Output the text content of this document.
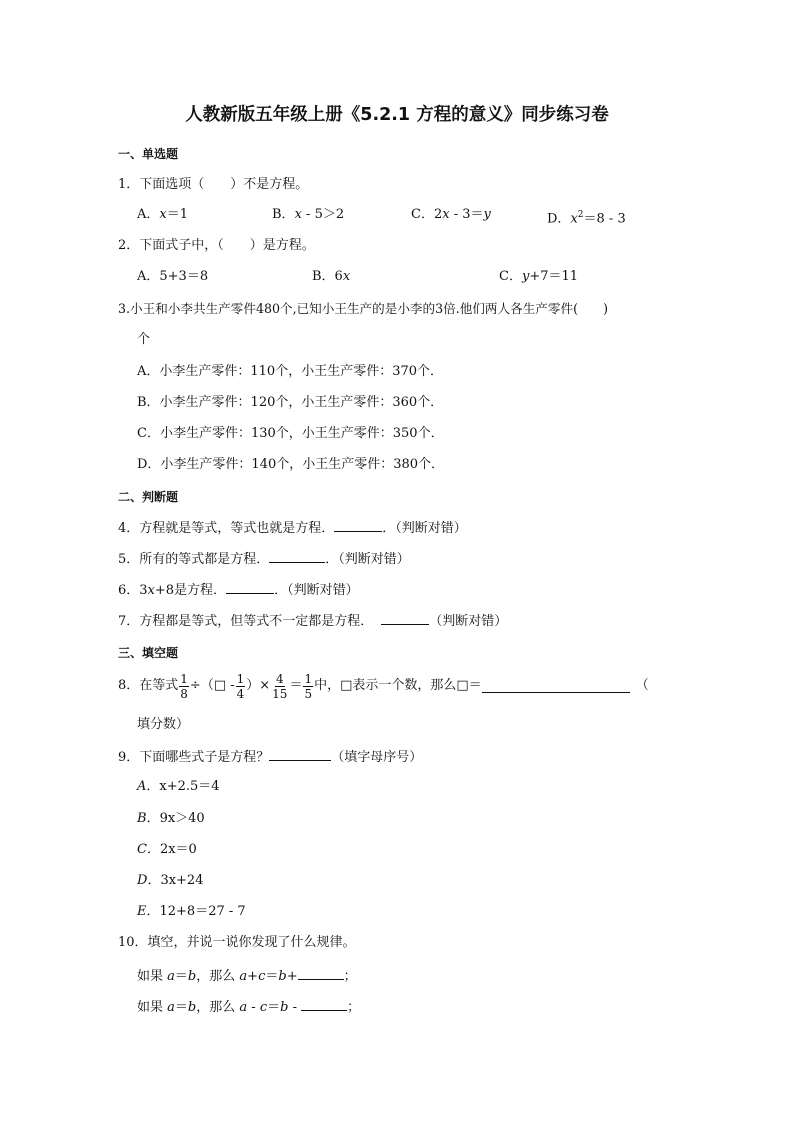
人教新版五年级上册《5.2.1 方程的意义》同步练习卷
一、单选题
1．下面选项（　　）不是方程。
A．x＝1	B．x - 5＞2	C．2x - 3＝y	D．$x^2=8 - 3$
2．下面式子中，（　　）是方程。
A．5+3＝8	B．6x	C．y+7＝11
3.小王和小李共生产零件480个,已知小王生产的是小李的3倍.他们两人各生产零件(　　)
个
A．小李生产零件：110个，小王生产零件：370个．
B．小李生产零件：120个，小王生产零件：360个．
C．小李生产零件：130个，小王生产零件：350个．
D．小李生产零件：140个，小王生产零件：380个．
二、判断题
4．方程就是等式，等式也就是方程．	．（判断对错）
5．所有的等式都是方程．	．（判断对错）
6．3x+8是方程．	．（判断对错）
7．方程都是等式，但等式不一定都是方程．	（判断对错）
三、填空题
8．在等式 $\frac{1}{8}$ ÷（□ - $\frac{1}{4}$ ）× $\frac{4}{15} = \frac{1}{5}$ 中，□表示一个数，那么□＝	（
填分数）
9．下面哪些式子是方程？	（填字母序号）
A．x+2.5＝4
B．9x＞40
C．2x＝0
D．3x+24
E．12+8＝27 - 7
10．填空，并说一说你发现了什么规律。
如果 a＝b，那么 a+c＝b+	；
如果 a＝b，那么 a - c＝b -	；
